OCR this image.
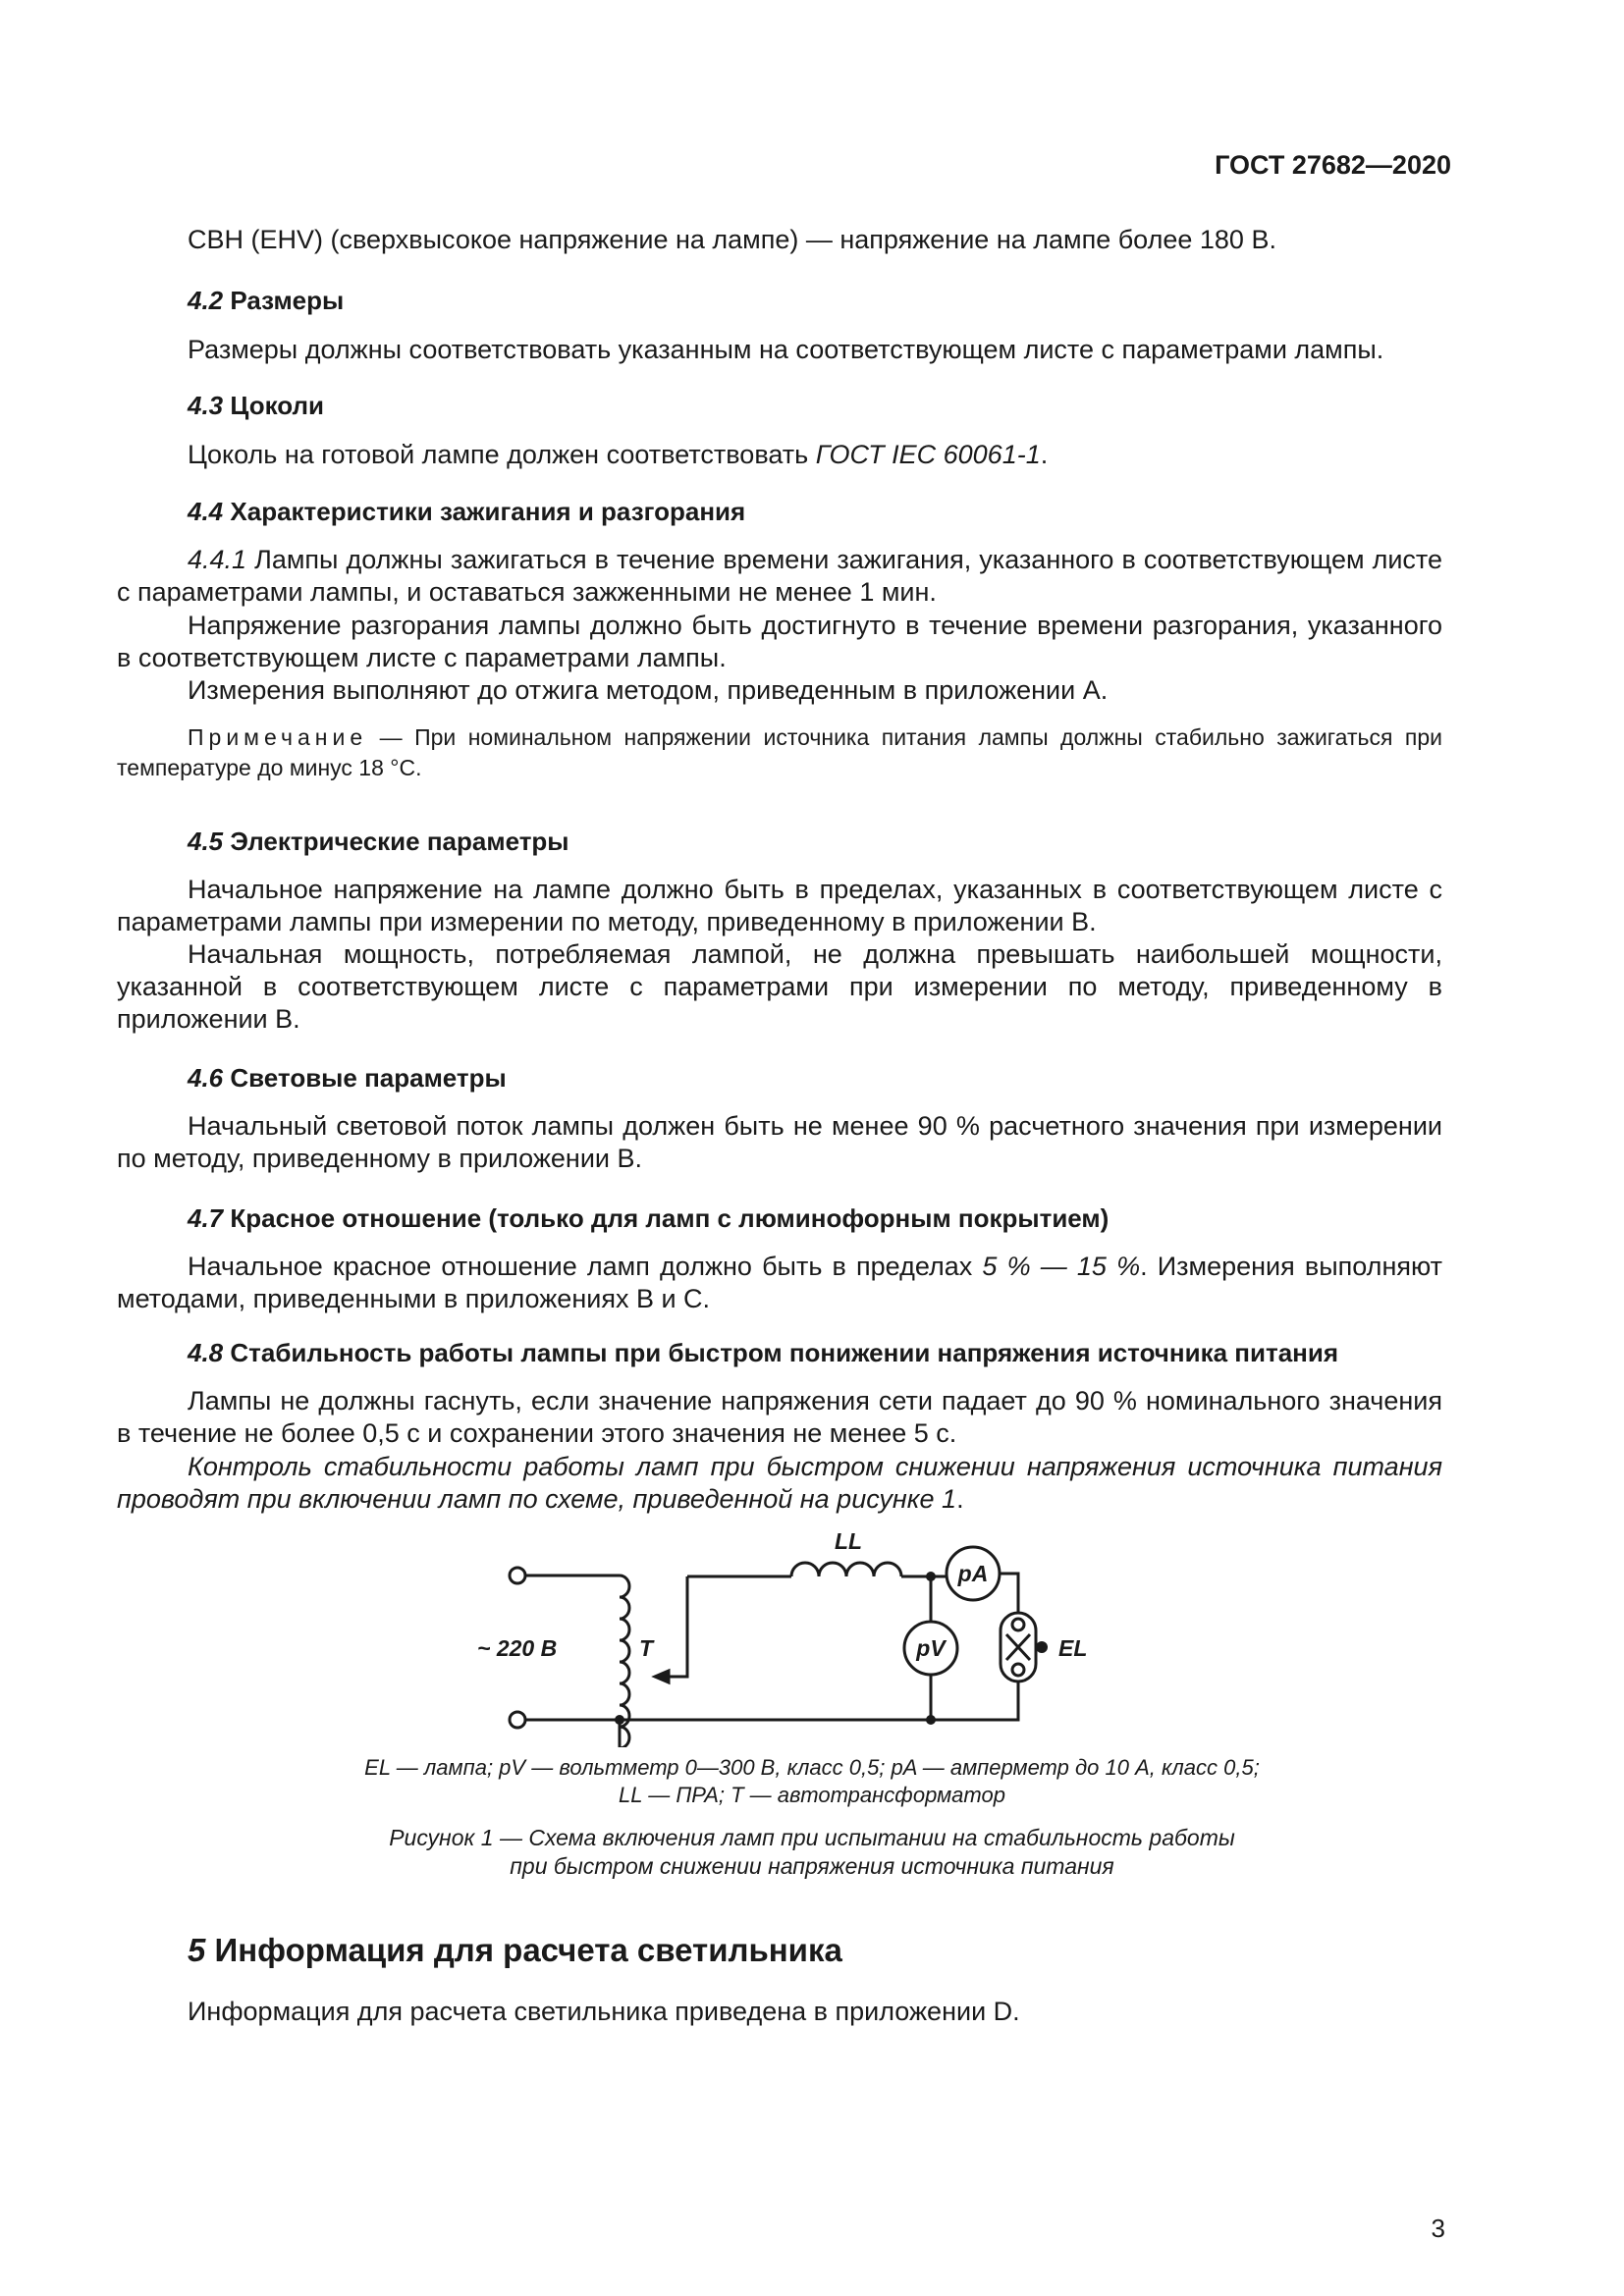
ГОСТ 27682—2020

СВН (EHV) (сверхвысокое напряжение на лампе) — напряжение на лампе более 180 В.

4.2 Размеры

Размеры должны соответствовать указанным на соответствующем листе с параметрами лампы.

4.3 Цоколи

Цоколь на готовой лампе должен соответствовать ГОСТ IEC 60061-1.

4.4 Характеристики зажигания и разгорания

4.4.1 Лампы должны зажигаться в течение времени зажигания, указанного в соответствующем листе с параметрами лампы, и оставаться зажженными не менее 1 мин.

Напряжение разгорания лампы должно быть достигнуто в течение времени разгорания, указанного в соответствующем листе с параметрами лампы.

Измерения выполняют до отжига методом, приведенным в приложении А.

Примечание — При номинальном напряжении источника питания лампы должны стабильно зажигаться при температуре до минус 18 °С.

4.5 Электрические параметры

Начальное напряжение на лампе должно быть в пределах, указанных в соответствующем листе с параметрами лампы при измерении по методу, приведенному в приложении В.

Начальная мощность, потребляемая лампой, не должна превышать наибольшей мощности, указанной в соответствующем листе с параметрами при измерении по методу, приведенному в приложении В.

4.6 Световые параметры

Начальный световой поток лампы должен быть не менее 90 % расчетного значения при измерении по методу, приведенному в приложении В.

4.7 Красное отношение (только для ламп с люминофорным покрытием)

Начальное красное отношение ламп должно быть в пределах 5 % — 15 %. Измерения выполняют методами, приведенными в приложениях В и С.

4.8 Стабильность работы лампы при быстром понижении напряжения источника питания

Лампы не должны гаснуть, если значение напряжения сети падает до 90 % номинального значения в течение не более 0,5 с и сохранении этого значения не менее 5 с.

Контроль стабильности работы ламп при быстром снижении напряжения источника питания проводят при включении ламп по схеме, приведенной на рисунке 1.

~ 220 В	T
LL
pA
pV	EL
EL — лампа; pV — вольтметр 0—300 В, класс 0,5; pA — амперметр до 10 А, класс 0,5;
LL — ПРА; T — автотрансформатор
Рисунок 1 — Схема включения ламп при испытании на стабильность работы
при быстром снижении напряжения источника питания
5 Информация для расчета светильника

Информация для расчета светильника приведена в приложении D.

3
